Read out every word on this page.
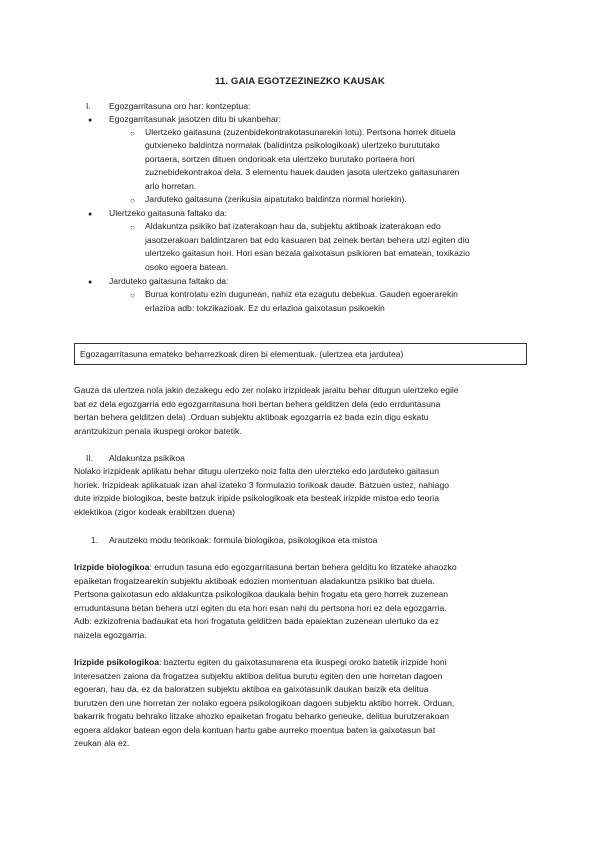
11. GAIA EGOTZEZINEZKO KAUSAK
I. Egozgarritasuna oro har: kontzeptua:
● Egozgarritasunak jasotzen ditu bi ukanbehar:
○ Ulertzeko gaitasuna (zuzenbidekontrakotasunarekin lotu). Pertsona horrek dituela
gutxieneko baldintza normalak (balidintza psikologikoak) ulertzeko burututako
portaera, sortzen dituen ondorioak eta ulertzeko burutako portaera hori
zuznebidekontrakoa dela. 3 elementu hauek dauden jasota ulertzeko gaitasunaren
arlo horretan.
○ Jarduteko gaitasuna (zerikusia aipatutako baldintza normal horiekin).
● Ulertzeko gaitasuna faltako da:
○ Aldakuntza psikiko bat izaterakoan hau da, subjektu aktiboak izaterakoan edo
jasotzerakoan baldintzaren bat edo kasuaren bat zeinek bertan behera utzi egiten dio
ulertzeko gaitasun hori. Hori esan bezala gaixotasun psikioren bat ematean, toxikazio
osoko egoera batean.
● Jarduteko gaitasuna faltako da:
○ Burua kontrolatu ezin dugunean, nahiz eta ezagutu debekua. Gauden egoerarekin
erlazioa adb: tokzikazioak. Ez du erlazioa gaixotasun psikoekin
Egozagarritasuna emateko beharrezkoak diren bi elementuak. (ulertzea eta jardutea)
Gauza da ulertzea nola jakin dezakegu edo zer nolako irizpideak jaraitu behar ditugun ulertzeko egile
bat ez dela egozgarria edo egozgarritasuna hori bertan behera gelditzen dela (edo errduntasuna
bertan behera gelditzen dela) .Orduan subjektu aktiboak egozgarria ez bada ezin digu eskatu
arantzukizun penala ikuspegi orokor batetik.
II. Aldakuntza psikikoa
Nolako irizpideak aplikatu behar ditugu ulertzeko noiz falta den ulerzteko edo jarduteko gaitasun
horiek. Irizpideak aplikatuak izan ahal izateko 3 formulazio torikoak daude. Batzuen ustez, nahiago
dute irizpide biologikoa, beste batzuk iripide psikologikoak eta besteak irizpide mistoa edo teoria
eklektikoa (zigor kodeak erabiltzen duena)
1. Arautzeko modu teorikoak: formula biologikoa, psikologikoa eta mistoa
Irizpide biologikoa: errudun tasuna edo egozgarritasuna bertan behera gelditu ko litzateke ahaozko
epaiketan frogatzearekin subjektu aktiboak edozien momentuan aladakuntza psikiko bat duela.
Pertsona gaixotasun edo aldakuntza psikologikoa daukala behin frogatu eta gero horrek zuzenean
erruduntasuna betan behera utzi egiten du eta hori esan nahi du pertsona hori ez dela egozgarria.
Adb: ezkizofrenia badaukat eta hori frogatuta gelditzen bada epaiektan zuzenean ulertuko da ez
naizela egozgarria.
Irizpide psikologikoa: baztertu egiten du gaixotasunarena eta ikuspegi oroko batetik irizpide honi
interesatzen zaiona da frogatzea subjektu aktiboa delitua burutu egiten den une horretan dagoen
egoeran, hau da, ez da baloratzen subjektu aktiboa ea gaixotasunik daukan baizik eta delitua
burutzen den une horretan zer nolako egoera psikologikoan dagoen subjektu aktibo horrek. Orduan,
bakarrik frogatu behrako litzake ahozko epaiketan frogatu beharko geneuke, delitua burutzerakoan
egoera aldakor batean egon dela kontuan hartu gabe aurreko moentua baten ia gaixotasun bat
zeukan ala ez.
